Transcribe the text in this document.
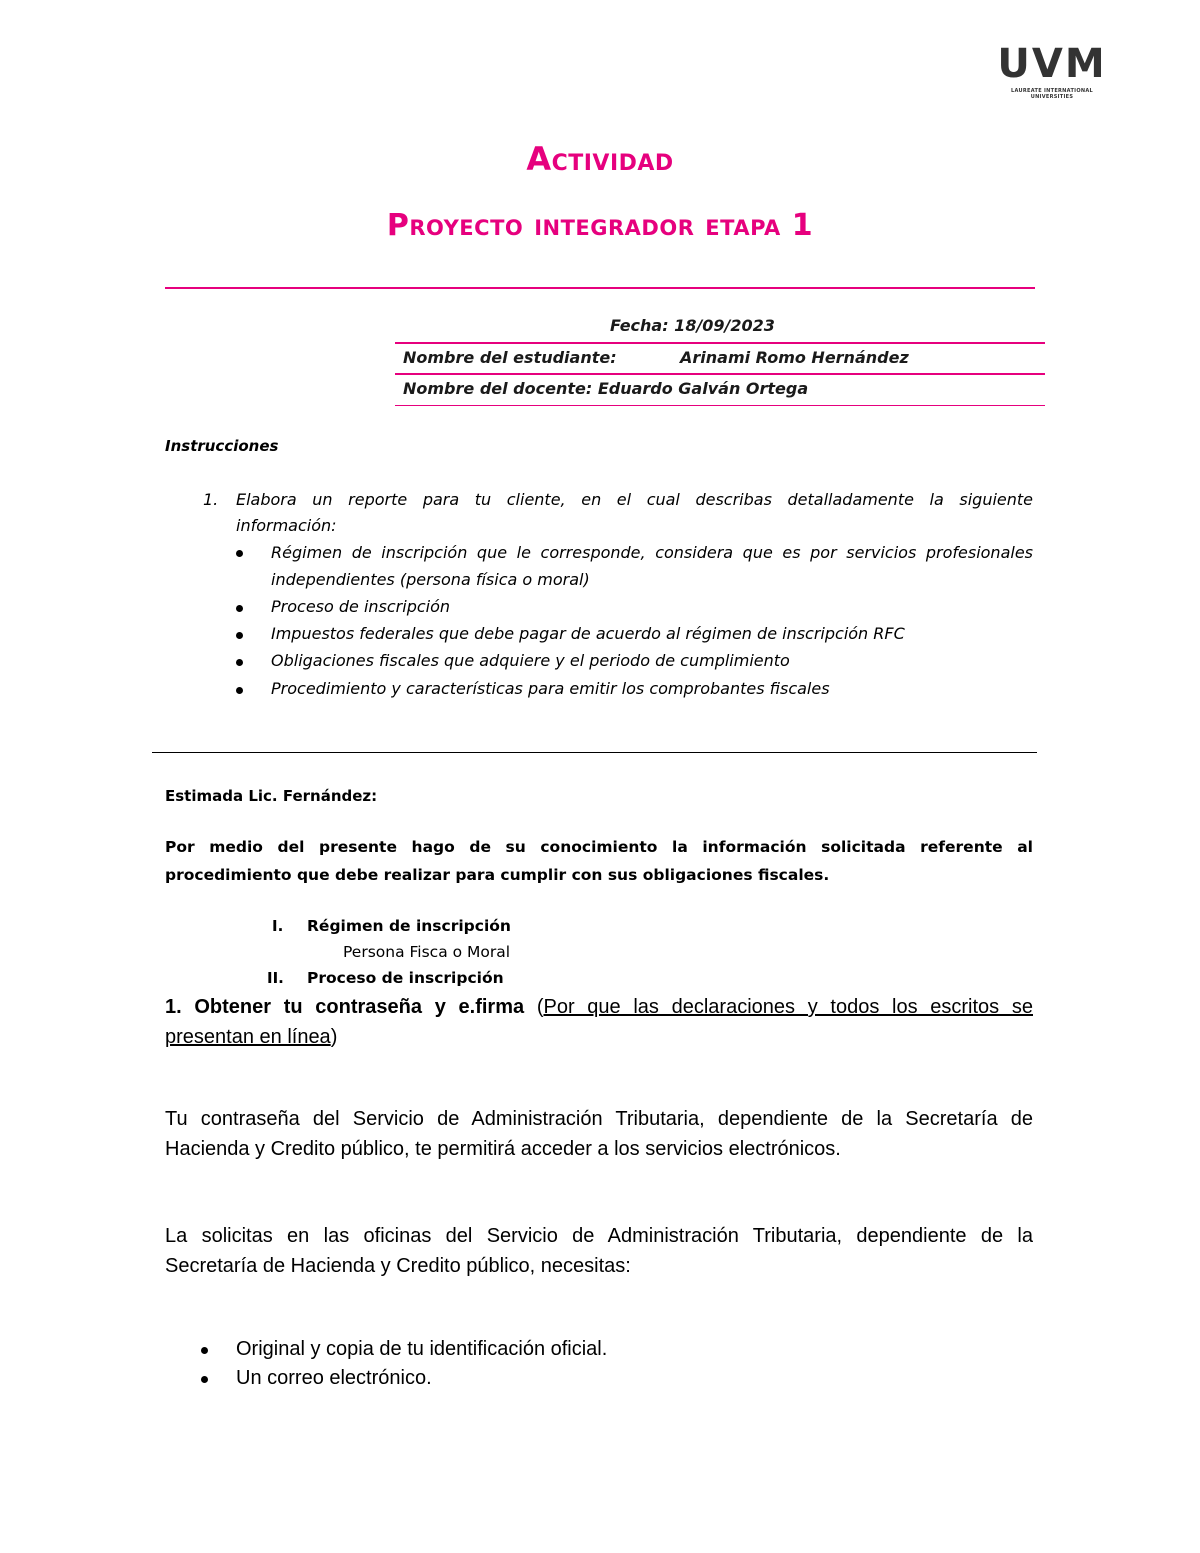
UVM
LAUREATE INTERNATIONAL UNIVERSITIES
Actividad
Proyecto integrador etapa 1
Fecha: 18/09/2023
Nombre del estudiante:	Arinami Romo Hernández
Nombre del docente: Eduardo Galván Ortega
Instrucciones
1. Elabora un reporte para tu cliente, en el cual describas detalladamente la siguiente
información:
Régimen de inscripción que le corresponde, considera que es por servicios profesionales
independientes (persona física o moral)
Proceso de inscripción
Impuestos federales que debe pagar de acuerdo al régimen de inscripción RFC
Obligaciones fiscales que adquiere y el periodo de cumplimiento
Procedimiento y características para emitir los comprobantes fiscales
Estimada Lic. Fernández:
Por medio del presente hago de su conocimiento la información solicitada referente al
procedimiento que debe realizar para cumplir con sus obligaciones fiscales.
I. Régimen de inscripción
Persona Fisca o Moral
II. Proceso de inscripción
1. Obtener tu contraseña y e.firma (Por que las declaraciones y todos los escritos se
presentan en línea)
Tu contraseña del Servicio de Administración Tributaria, dependiente de la Secretaría de
Hacienda y Credito público, te permitirá acceder a los servicios electrónicos.
La solicitas en las oficinas del Servicio de Administración Tributaria, dependiente de la
Secretaría de Hacienda y Credito público, necesitas:
Original y copia de tu identificación oficial.
Un correo electrónico.
